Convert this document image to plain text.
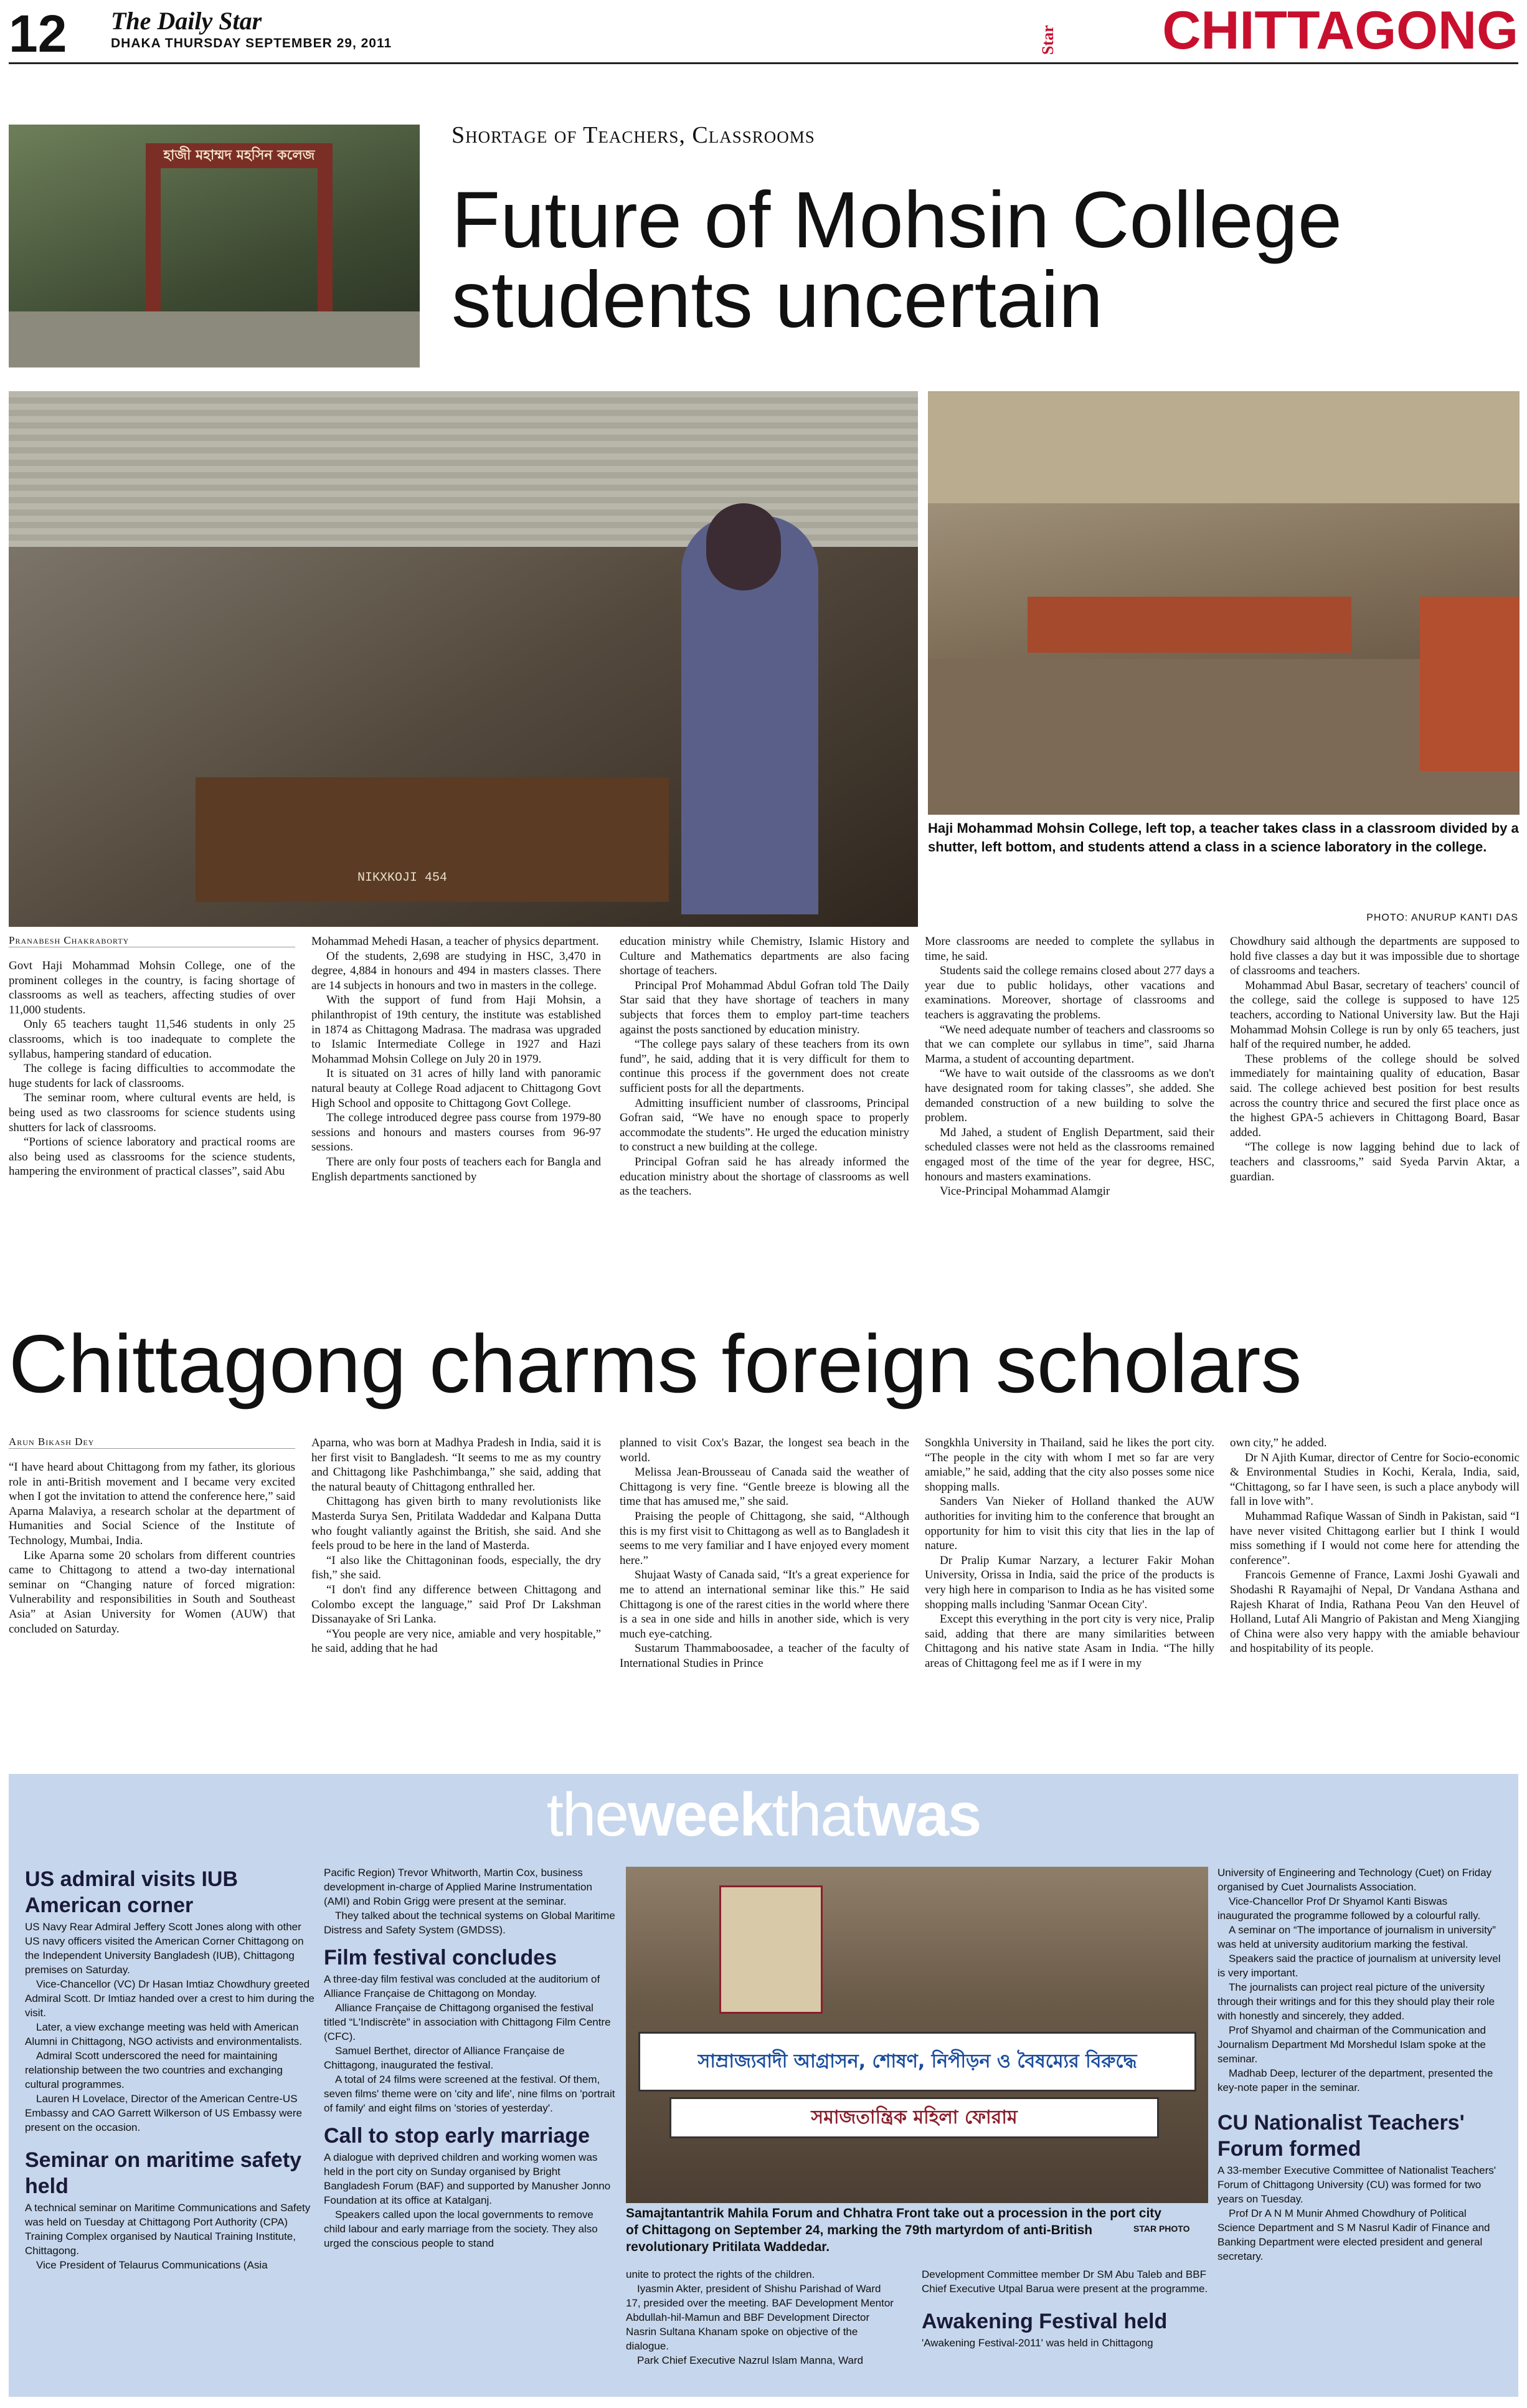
12 The Daily Star
DHAKA THURSDAY SEPTEMBER 29, 2011	Star CHITTAGONG
হাজী মহাম্মদ মহসিন কলেজ
Shortage of Teachers, Classrooms
Future of Mohsin College students uncertain
NIKXKOJI 454
Haji Mohammad Mohsin College, left top, a teacher takes class in a classroom divided by a shutter, left bottom, and students attend a class in a science laboratory in the college.
PHOTO: ANURUP KANTI DAS
Pranabesh Chakraborty

Govt Haji Mohammad Mohsin College, one of the prominent colleges in the country, is facing shortage of classrooms as well as teachers, affecting studies of over 11,000 students.

Only 65 teachers taught 11,546 students in only 25 classrooms, which is too inadequate to complete the syllabus, hampering standard of education.

The college is facing difficulties to accommodate the huge students for lack of classrooms.

The seminar room, where cultural events are held, is being used as two classrooms for science students using shutters for lack of classrooms.

“Portions of science laboratory and practical rooms are also being used as classrooms for the science students, hampering the environment of practical classes”, said Abu

Mohammad Mehedi Hasan, a teacher of physics department.

Of the students, 2,698 are studying in HSC, 3,470 in degree, 4,884 in honours and 494 in masters classes. There are 14 subjects in honours and two in masters in the college.

With the support of fund from Haji Mohsin, a philanthropist of 19th century, the institute was established in 1874 as Chittagong Madrasa. The madrasa was upgraded to Islamic Intermediate College in 1927 and Hazi Mohammad Mohsin College on July 20 in 1979.

It is situated on 31 acres of hilly land with panoramic natural beauty at College Road adjacent to Chittagong Govt High School and opposite to Chittagong Govt College.

The college introduced degree pass course from 1979-80 sessions and honours and masters courses from 96-97 sessions.

There are only four posts of teachers each for Bangla and English departments sanctioned by

education ministry while Chemistry, Islamic History and Culture and Mathematics departments are also facing shortage of teachers.

Principal Prof Mohammad Abdul Gofran told The Daily Star said that they have shortage of teachers in many subjects that forces them to employ part-time teachers against the posts sanctioned by education ministry.

“The college pays salary of these teachers from its own fund”, he said, adding that it is very difficult for them to continue this process if the government does not create sufficient posts for all the departments.

Admitting insufficient number of classrooms, Principal Gofran said, “We have no enough space to properly accommodate the students”. He urged the education ministry to construct a new building at the college.

Principal Gofran said he has already informed the education ministry about the shortage of classrooms as well as the teachers.

More classrooms are needed to complete the syllabus in time, he said.

Students said the college remains closed about 277 days a year due to public holidays, other vacations and examinations. Moreover, shortage of classrooms and teachers is aggravating the problems.

“We need adequate number of teachers and classrooms so that we can complete our syllabus in time”, said Jharna Marma, a student of accounting department.

“We have to wait outside of the classrooms as we don't have designated room for taking classes”, she added. She demanded construction of a new building to solve the problem.

Md Jahed, a student of English Department, said their scheduled classes were not held as the classrooms remained engaged most of the time of the year for degree, HSC, honours and masters examinations.

Vice-Principal Mohammad Alamgir

Chowdhury said although the departments are supposed to hold five classes a day but it was impossible due to shortage of classrooms and teachers.

Mohammad Abul Basar, secretary of teachers' council of the college, said the college is supposed to have 125 teachers, according to National University law. But the Haji Mohammad Mohsin College is run by only 65 teachers, just half of the required number, he added.

These problems of the college should be solved immediately for maintaining quality of education, Basar said. The college achieved best position for best results across the country thrice and secured the first place once as the highest GPA-5 achievers in Chittagong Board, Basar added.

“The college is now lagging behind due to lack of teachers and classrooms,” said Syeda Parvin Aktar, a guardian.

Chittagong charms foreign scholars
Arun Bikash Dey

“I have heard about Chittagong from my father, its glorious role in anti-British movement and I became very excited when I got the invitation to attend the conference here,” said Aparna Malaviya, a research scholar at the department of Humanities and Social Science of the Institute of Technology, Mumbai, India.

Like Aparna some 20 scholars from different countries came to Chittagong to attend a two-day international seminar on “Changing nature of forced migration: Vulnerability and responsibilities in South and Southeast Asia” at Asian University for Women (AUW) that concluded on Saturday.

Aparna, who was born at Madhya Pradesh in India, said it is her first visit to Bangladesh. “It seems to me as my country and Chittagong like Pashchimbanga,” she said, adding that the natural beauty of Chittagong enthralled her.

Chittagong has given birth to many revolutionists like Masterda Surya Sen, Pritilata Waddedar and Kalpana Dutta who fought valiantly against the British, she said. And she feels proud to be here in the land of Masterda.

“I also like the Chittagoninan foods, especially, the dry fish,” she said.

“I don't find any difference between Chittagong and Colombo except the language,” said Prof Dr Lakshman Dissanayake of Sri Lanka.

“You people are very nice, amiable and very hospitable,” he said, adding that he had

planned to visit Cox's Bazar, the longest sea beach in the world.

Melissa Jean-Brousseau of Canada said the weather of Chittagong is very fine. “Gentle breeze is blowing all the time that has amused me,” she said.

Praising the people of Chittagong, she said, “Although this is my first visit to Chittagong as well as to Bangladesh it seems to me very familiar and I have enjoyed every moment here.”

Shujaat Wasty of Canada said, “It's a great experience for me to attend an international seminar like this.” He said Chittagong is one of the rarest cities in the world where there is a sea in one side and hills in another side, which is very much eye-catching.

Sustarum Thammaboosadee, a teacher of the faculty of International Studies in Prince

Songkhla University in Thailand, said he likes the port city. “The people in the city with whom I met so far are very amiable,” he said, adding that the city also posses some nice shopping malls.

Sanders Van Nieker of Holland thanked the AUW authorities for inviting him to the conference that brought an opportunity for him to visit this city that lies in the lap of nature.

Dr Pralip Kumar Narzary, a lecturer Fakir Mohan University, Orissa in India, said the price of the products is very high here in comparison to India as he has visited some shopping malls including 'Sanmar Ocean City'.

Except this everything in the port city is very nice, Pralip said, adding that there are many similarities between Chittagong and his native state Asam in India. “The hilly areas of Chittagong feel me as if I were in my

own city,” he added.

Dr N Ajith Kumar, director of Centre for Socio-economic & Environmental Studies in Kochi, Kerala, India, said, “Chittagong, so far I have seen, is such a place anybody will fall in love with”.

Muhammad Rafique Wassan of Sindh in Pakistan, said “I have never visited Chittagong earlier but I think I would miss something if I would not come here for attending the conference”.

Francois Gemenne of France, Laxmi Joshi Gyawali and Shodashi R Rayamajhi of Nepal, Dr Vandana Asthana and Rajesh Kharat of India, Rathana Peou Van den Heuvel of Holland, Lutaf Ali Mangrio of Pakistan and Meng Xiangjing of China were also very happy with the amiable behaviour and hospitability of its people.

theweekthatwas
US admiral visits IUB American corner

US Navy Rear Admiral Jeffery Scott Jones along with other US navy officers visited the American Corner Chittagong on the Independent University Bangladesh (IUB), Chittagong premises on Saturday.

Vice-Chancellor (VC) Dr Hasan Imtiaz Chowdhury greeted Admiral Scott. Dr Imtiaz handed over a crest to him during the visit.

Later, a view exchange meeting was held with American Alumni in Chittagong, NGO activists and environmentalists.

Admiral Scott underscored the need for maintaining relationship between the two countries and exchanging cultural programmes.

Lauren H Lovelace, Director of the American Centre-US Embassy and CAO Garrett Wilkerson of US Embassy were present on the occasion.

Seminar on maritime safety held

A technical seminar on Maritime Communications and Safety was held on Tuesday at Chittagong Port Authority (CPA) Training Complex organised by Nautical Training Institute, Chittagong.

Vice President of Telaurus Communications (Asia

Pacific Region) Trevor Whitworth, Martin Cox, business development in-charge of Applied Marine Instrumentation (AMI) and Robin Grigg were present at the seminar.

They talked about the technical systems on Global Maritime Distress and Safety System (GMDSS).

Film festival concludes

A three-day film festival was concluded at the auditorium of Alliance Française de Chittagong on Monday.

Alliance Française de Chittagong organised the festival titled “L'Indiscrète” in association with Chittagong Film Centre (CFC).

Samuel Berthet, director of Alliance Française de Chittagong, inaugurated the festival.

A total of 24 films were screened at the festival. Of them, seven films' theme were on 'city and life', nine films on 'portrait of family' and eight films on 'stories of yesterday'.

Call to stop early marriage

A dialogue with deprived children and working women was held in the port city on Sunday organised by Bright Bangladesh Forum (BAF) and supported by Manusher Jonno Foundation at its office at Katalganj.

Speakers called upon the local governments to remove child labour and early marriage from the society. They also urged the conscious people to stand

সাম্রাজ্যবাদী আগ্রাসন, শোষণ, নিপীড়ন ও বৈষম্যের বিরুদ্ধে
সমাজতান্ত্রিক মহিলা ফোরাম
Samajtantantrik Mahila Forum and Chhatra Front take out a procession in the port city of Chittagong on September 24, marking the 79th martyrdom of anti-British revolutionary Pritilata Waddedar.
STAR PHOTO

unite to protect the rights of the children.

Iyasmin Akter, president of Shishu Parishad of Ward 17, presided over the meeting. BAF Development Mentor Abdullah-hil-Mamun and BBF Development Director Nasrin Sultana Khanam spoke on objective of the dialogue.

Park Chief Executive Nazrul Islam Manna, Ward

Development Committee member Dr SM Abu Taleb and BBF Chief Executive Utpal Barua were present at the programme.

Awakening Festival held

'Awakening Festival-2011' was held in Chittagong

University of Engineering and Technology (Cuet) on Friday organised by Cuet Journalists Association.

Vice-Chancellor Prof Dr Shyamol Kanti Biswas inaugurated the programme followed by a colourful rally.

A seminar on “The importance of journalism in university” was held at university auditorium marking the festival.

Speakers said the practice of journalism at university level is very important.

The journalists can project real picture of the university through their writings and for this they should play their role with honestly and sincerely, they added.

Prof Shyamol and chairman of the Communication and Journalism Department Md Morshedul Islam spoke at the seminar.

Madhab Deep, lecturer of the department, presented the key-note paper in the seminar.

CU Nationalist Teachers' Forum formed

A 33-member Executive Committee of Nationalist Teachers' Forum of Chittagong University (CU) was formed for two years on Tuesday.

Prof Dr A N M Munir Ahmed Chowdhury of Political Science Department and S M Nasrul Kadir of Finance and Banking Department were elected president and general secretary.
